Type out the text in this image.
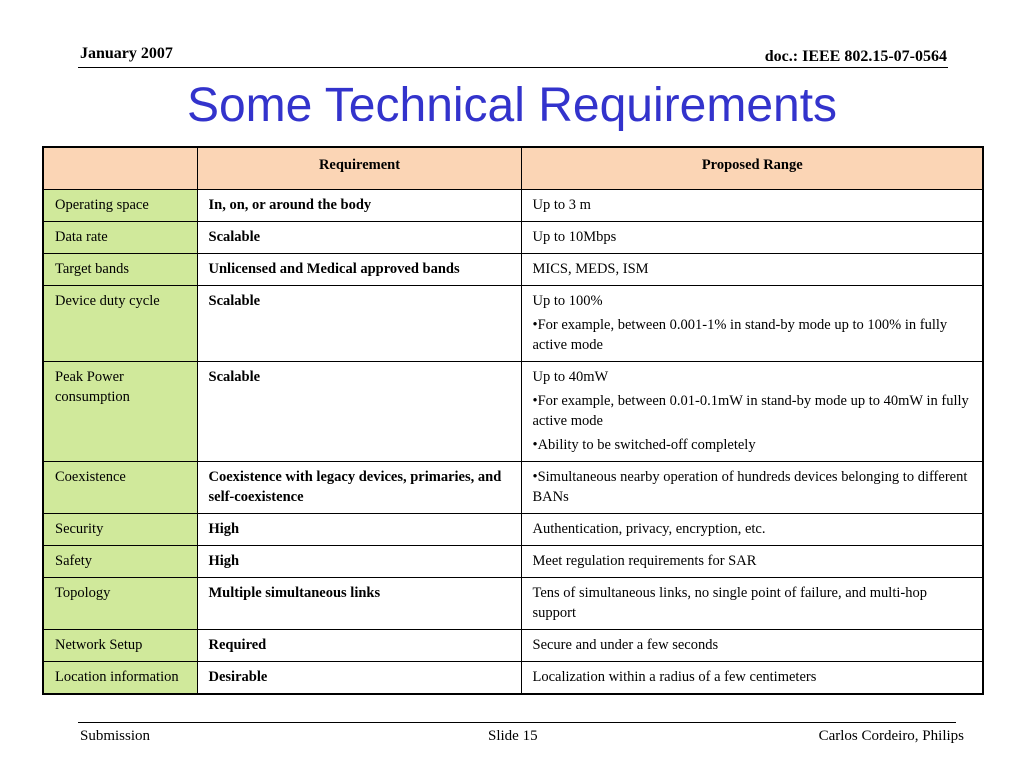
January 2007	doc.: IEEE 802.15-07-0564
Some Technical Requirements
	Requirement	Proposed Range
Operating space	In, on, or around the body	Up to 3 m

Data rate	Scalable	Up to 10Mbps

Target bands	Unlicensed and Medical approved bands	MICS, MEDS, ISM

Device duty cycle	Scalable	Up to 100%
•For example, between 0.001-1% in stand-by mode up to 100% in fully active mode

Peak Power consumption	Scalable	Up to 40mW
•For example, between 0.01-0.1mW in stand-by mode up to 40mW in fully active mode
•Ability to be switched-off completely

Coexistence	Coexistence with legacy devices, primaries, and self-coexistence	•Simultaneous nearby operation of hundreds devices belonging to different BANs

Security	High	Authentication, privacy, encryption, etc.

Safety	High	Meet regulation requirements for SAR

Topology	Multiple simultaneous links	Tens of simultaneous links, no single point of failure, and multi-hop support

Network Setup	Required	Secure and under a few seconds

Location information	Desirable	Localization within a radius of a few centimeters
Submission	Slide 15	Carlos Cordeiro, Philips
